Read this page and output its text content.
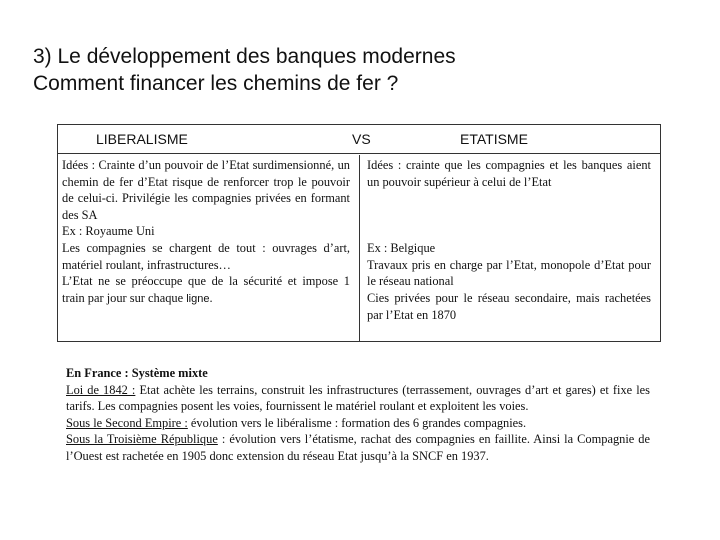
3) Le développement des banques modernes
Comment financer les chemins de fer ?
LIBERALISME	VS	ETATISME

Idées : Crainte d’un pouvoir de l’Etat surdimensionné, un chemin de fer d’Etat risque de renforcer trop le pouvoir de celui-ci. Privilégie les compagnies privées en formant des SA

Ex : Royaume Uni

Les compagnies se chargent de tout : ouvrages d’art, matériel roulant, infrastructures…

L’Etat ne se préoccupe que de la sécurité et impose 1 train par jour sur chaque ligne.

Idées : crainte que les compagnies et les banques aient un pouvoir supérieur à celui de l’Etat

Ex : Belgique

Travaux pris en charge par l’Etat, monopole d’Etat pour le réseau national

Cies privées pour le réseau secondaire, mais rachetées par l’Etat en 1870

En France : Système mixte

Loi de 1842 : Etat achète les terrains, construit les infrastructures (terrassement, ouvrages d’art et gares) et fixe les tarifs. Les compagnies posent les voies, fournissent le matériel roulant et exploitent les voies.

Sous le Second Empire : évolution vers le libéralisme : formation des 6 grandes compagnies.

Sous la Troisième République : évolution vers l’étatisme, rachat des compagnies en faillite. Ainsi la Compagnie de l’Ouest est rachetée en 1905 donc extension du réseau Etat jusqu’à la SNCF en 1937.
